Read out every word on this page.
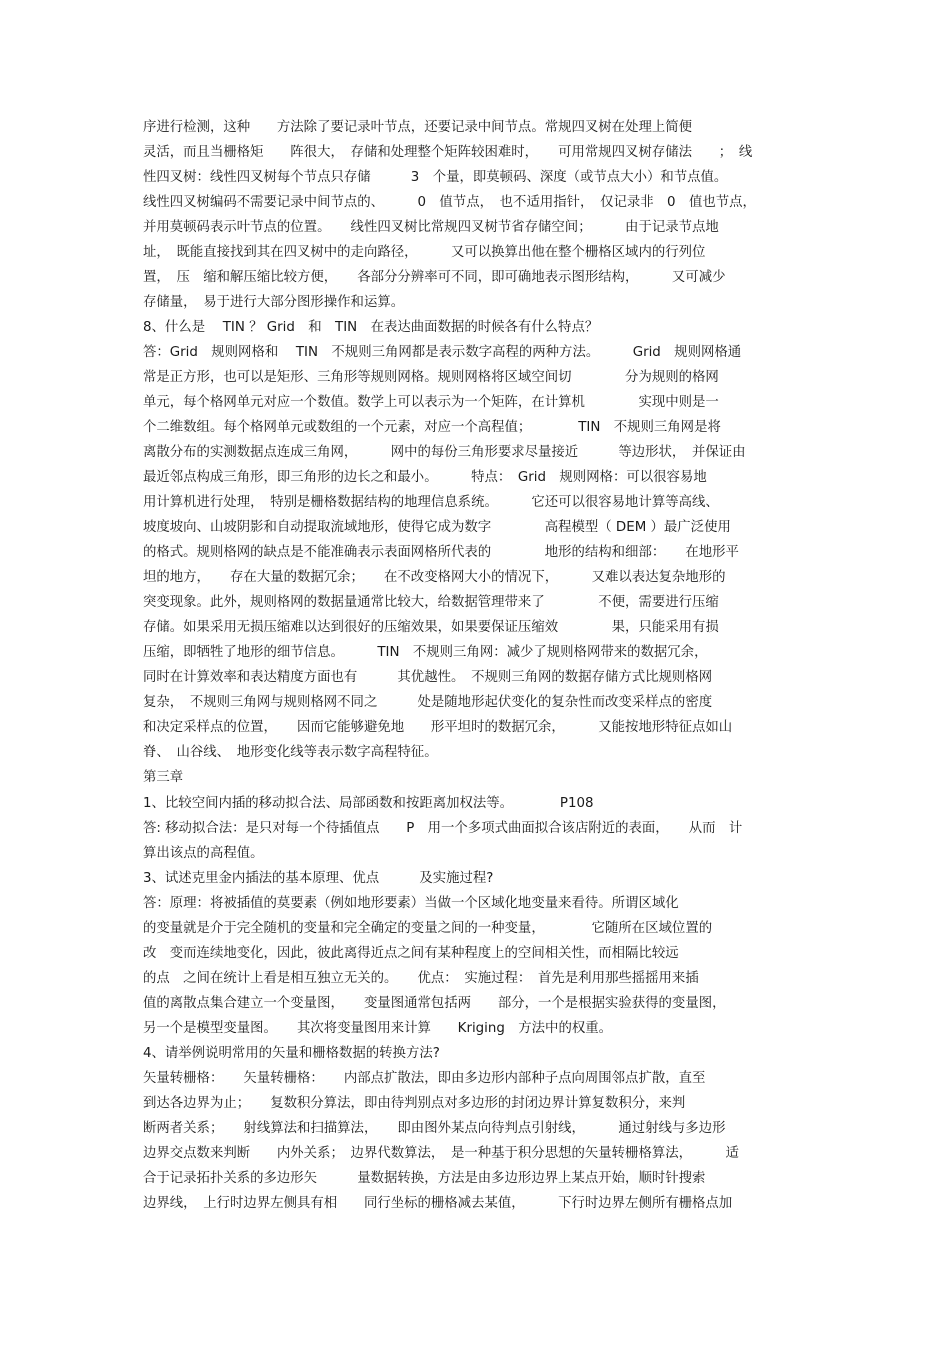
序进行检测，这种　　方法除了要记录叶节点，还要记录中间节点。常规四叉树在处理上简便
灵活，而且当栅格矩　　阵很大，　存储和处理整个矩阵较困难时，　　可用常规四叉树存储法　　；　线
性四叉树：线性四叉树每个节点只存储　　　3　个量，即莫顿码、深度（或节点大小）和节点值。
线性四叉树编码不需要记录中间节点的、　　　0　值节点，　也不适用指针，　仅记录非　0　值也节点，
并用莫顿码表示叶节点的位置。　　线性四叉树比常规四叉树节省存储空间；　　　由于记录节点地
址，　既能直接找到其在四叉树中的走向路径，　　　又可以换算出他在整个栅格区域内的行列位
置，　压　缩和解压缩比较方便，　　各部分分辨率可不同，即可确地表示图形结构，　　　又可减少
存储量，　易于进行大部分图形操作和运算。
8、什么是　 TIN ？ Grid　和　TIN　在表达曲面数据的时候各有什么特点？
答：Grid　规则网格和　 TIN　不规则三角网都是表示数字高程的两种方法。　　　Grid　规则网格通
常是正方形，也可以是矩形、三角形等规则网格。规则网格将区域空间切　　　　分为规则的格网
单元，每个格网单元对应一个数值。数学上可以表示为一个矩阵，在计算机　　　　实现中则是一
个二维数组。每个格网单元或数组的一个元素，对应一个高程值；　　　　TIN　不规则三角网是将
离散分布的实测数据点连成三角网，　　　网中的每份三角形要求尽量接近　　　等边形状，　并保证由
最近邻点构成三角形，即三角形的边长之和最小。　　　特点：　Grid　规则网格：可以很容易地
用计算机进行处理，　特别是栅格数据结构的地理信息系统。　　　它还可以很容易地计算等高线、
坡度坡向、山坡阴影和自动提取流域地形，使得它成为数字　　　　高程模型（ DEM ）最广泛使用
的格式。规则格网的缺点是不能准确表示表面网格所代表的　　　　地形的结构和细部：　　在地形平
坦的地方，　　存在大量的数据冗余；　　在不改变格网大小的情况下，　　　又难以表达复杂地形的
突变现象。此外，规则格网的数据量通常比较大，给数据管理带来了　　　　不便，需要进行压缩
存储。如果采用无损压缩难以达到很好的压缩效果，如果要保证压缩效　　　　果，只能采用有损
压缩，即牺牲了地形的细节信息。　　　TIN　不规则三角网：减少了规则格网带来的数据冗余，
同时在计算效率和表达精度方面也有　　　其优越性。　不规则三角网的数据存储方式比规则格网
复杂，　不规则三角网与规则格网不同之　　　处是随地形起伏变化的复杂性而改变采样点的密度
和决定采样点的位置，　　因而它能够避免地　　形平坦时的数据冗余，　　　又能按地形特征点如山
脊、　山谷线、　地形变化线等表示数字高程特征。
第三章
1、比较空间内插的移动拟合法、局部函数和按距离加权法等。　　　　P108
答: 移动拟合法：是只对每一个待插值点　　P　用一个多项式曲面拟合该店附近的表面，　　从而　计
算出该点的高程值。
3、试述克里金内插法的基本原理、优点　　　及实施过程?
答：原理：将被插值的莫要素（例如地形要素）当做一个区域化地变量来看待。所谓区域化
的变量就是介于完全随机的变量和完全确定的变量之间的一种变量，　　　　它随所在区域位置的
改　变而连续地变化，因此，彼此离得近点之间有某种程度上的空间相关性，而相隔比较远
的点　之间在统计上看是相互独立无关的。　　优点：　实施过程：　首先是利用那些摇摇用来插
值的离散点集合建立一个变量图，　　变量图通常包括两　　部分，一个是根据实验获得的变量图，
另一个是模型变量图。　　其次将变量图用来计算　　Kriging　方法中的权重。
4、请举例说明常用的矢量和栅格数据的转换方法?
矢量转栅格：　　矢量转栅格：　　内部点扩散法，即由多边形内部种子点向周围邻点扩散，直至
到达各边界为止；　　复数积分算法，即由待判别点对多边形的封闭边界计算复数积分，来判
断两者关系；　　射线算法和扫描算法，　　即由图外某点向待判点引射线，　　　通过射线与多边形
边界交点数来判断　　内外关系；　边界代数算法，　是一种基于积分思想的矢量转栅格算法，　　　适
合于记录拓扑关系的多边形矢　　　量数据转换，方法是由多边形边界上某点开始，顺时针搜索
边界线，　上行时边界左侧具有相　　同行坐标的栅格减去某值，　　　下行时边界左侧所有栅格点加
